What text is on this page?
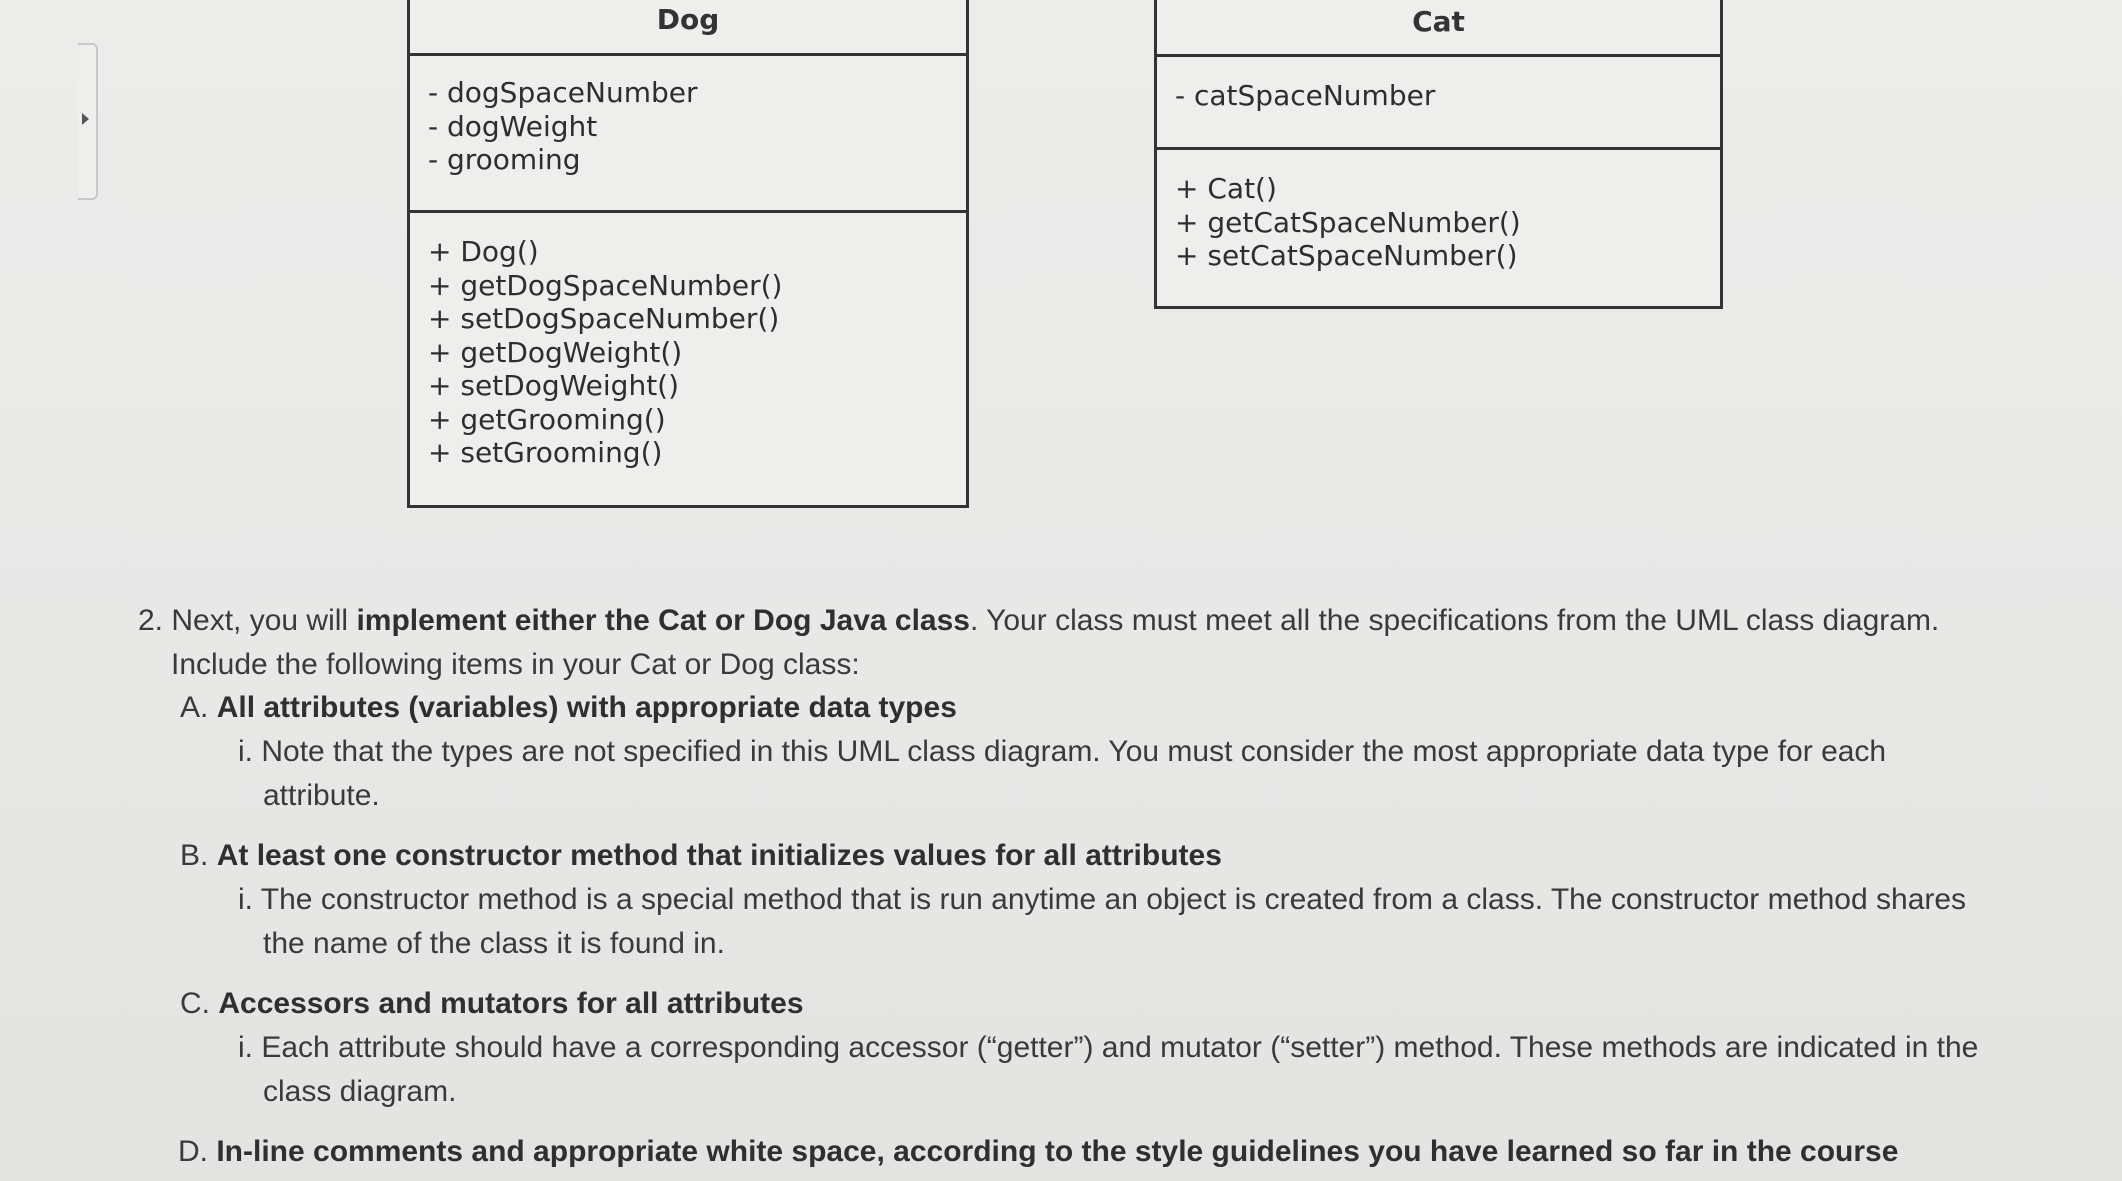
Dog
- dogSpaceNumber
- dogWeight
- grooming
+ Dog()
+ getDogSpaceNumber()
+ setDogSpaceNumber()
+ getDogWeight()
+ setDogWeight()
+ getGrooming()
+ setGrooming()
Cat
- catSpaceNumber
+ Cat()
+ getCatSpaceNumber()
+ setCatSpaceNumber()
2. Next, you will implement either the Cat or Dog Java class. Your class must meet all the specifications from the UML class diagram.
Include the following items in your Cat or Dog class:
A. All attributes (variables) with appropriate data types
i. Note that the types are not specified in this UML class diagram. You must consider the most appropriate data type for each
attribute.
B. At least one constructor method that initializes values for all attributes
i. The constructor method is a special method that is run anytime an object is created from a class. The constructor method shares
the name of the class it is found in.
C. Accessors and mutators for all attributes
i. Each attribute should have a corresponding accessor (“getter”) and mutator (“setter”) method. These methods are indicated in the
class diagram.
D. In-line comments and appropriate white space, according to the style guidelines you have learned so far in the course
